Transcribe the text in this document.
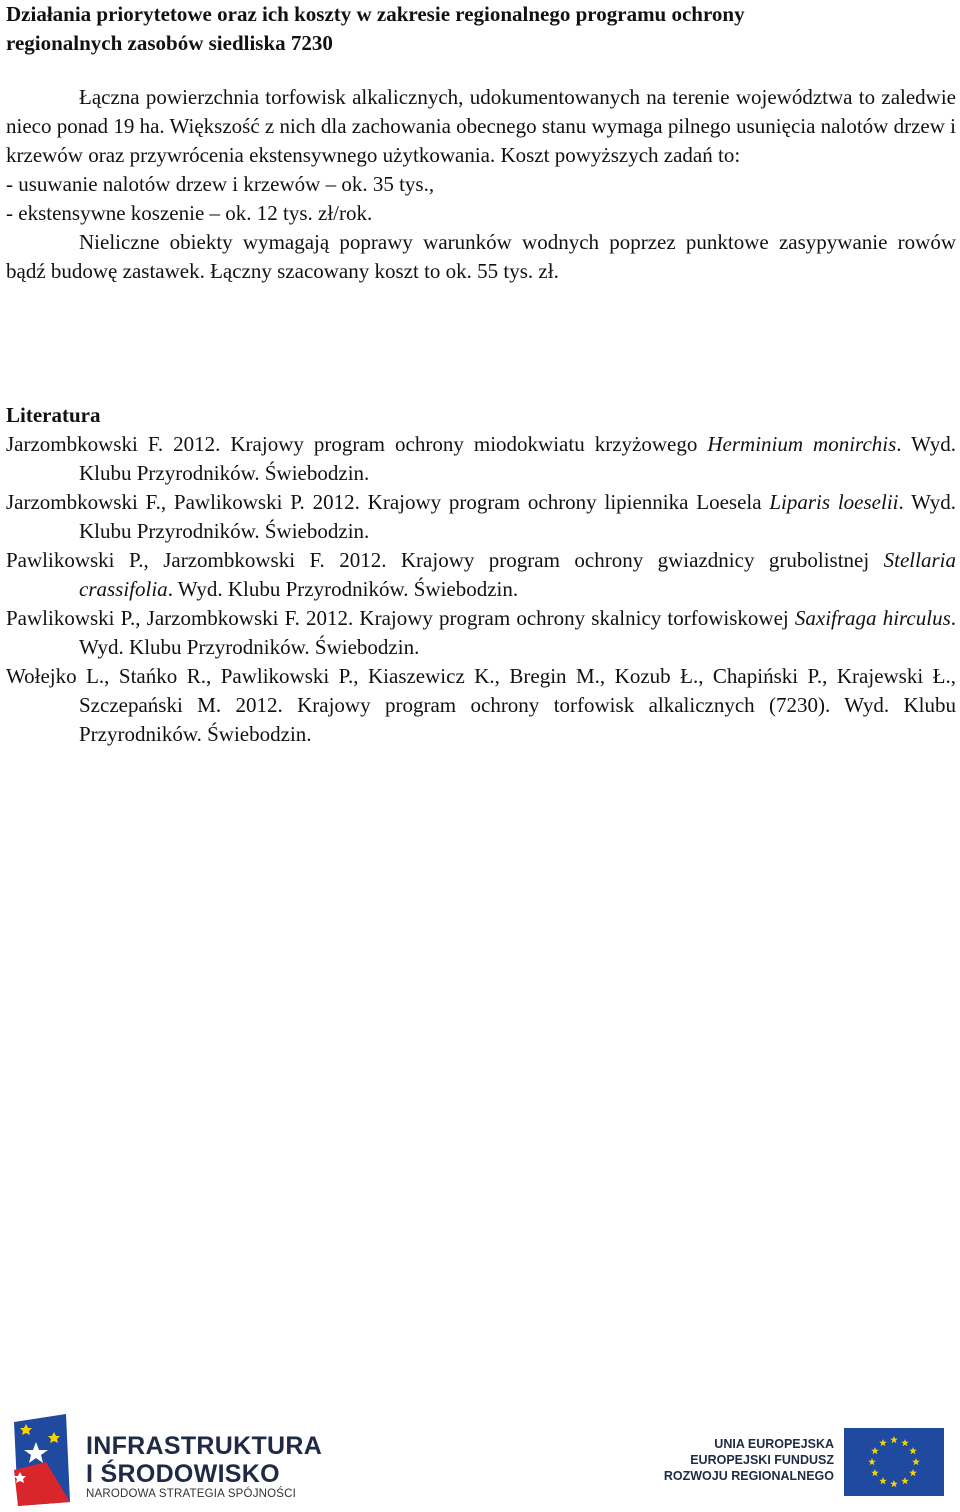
Działania priorytetowe oraz ich koszty w zakresie regionalnego programu ochrony
regionalnych zasobów siedliska 7230

Łączna powierzchnia torfowisk alkalicznych, udokumentowanych na terenie województwa to zaledwie nieco ponad 19 ha. Większość z nich dla zachowania obecnego stanu wymaga pilnego usunięcia nalotów drzew i krzewów oraz przywrócenia ekstensywnego użytkowania. Koszt powyższych zadań to:

- usuwanie nalotów drzew i krzewów – ok. 35 tys.,

- ekstensywne koszenie – ok. 12 tys. zł/rok.

Nieliczne obiekty wymagają poprawy warunków wodnych poprzez punktowe zasypywanie rowów bądź budowę zastawek. Łączny szacowany koszt to ok. 55 tys. zł.

Literatura
Jarzombkowski F. 2012. Krajowy program ochrony miodokwiatu krzyżowego Herminium monirchis. Wyd. Klubu Przyrodników. Świebodzin.
Jarzombkowski F., Pawlikowski P. 2012. Krajowy program ochrony lipiennika Loesela Liparis loeselii. Wyd. Klubu Przyrodników. Świebodzin.
Pawlikowski P., Jarzombkowski F. 2012. Krajowy program ochrony gwiazdnicy grubolistnej Stellaria crassifolia. Wyd. Klubu Przyrodników. Świebodzin.
Pawlikowski P., Jarzombkowski F. 2012. Krajowy program ochrony skalnicy torfowiskowej Saxifraga hirculus. Wyd. Klubu Przyrodników. Świebodzin.
Wołejko L., Stańko R., Pawlikowski P., Kiaszewicz K., Bregin M., Kozub Ł., Chapiński P., Krajewski Ł., Szczepański M. 2012. Krajowy program ochrony torfowisk alkalicznych (7230). Wyd. Klubu Przyrodników. Świebodzin.
INFRASTRUKTURA
I ŚRODOWISKO
NARODOWA STRATEGIA SPÓJNOŚCI
UNIA EUROPEJSKA
EUROPEJSKI FUNDUSZ
ROZWOJU REGIONALNEGO
